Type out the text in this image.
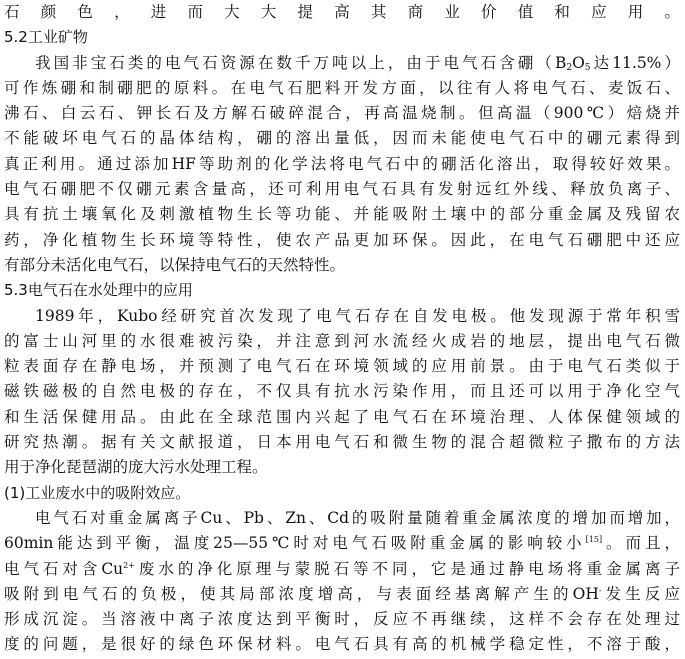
石颜色，进而大大提高其商业价值和应用。
5.2工业矿物
我国非宝石类的电气石资源在数千万吨以上，由于电气石含硼（$B_2O_5$达11.5%）
可作炼硼和制硼肥的原料。在电气石肥料开发方面，以往有人将电气石、麦饭石、
沸石、白云石、钾长石及方解石破碎混合，再高温烧制。但高温（900℃）焙烧并
不能破坏电气石的晶体结构，硼的溶出量低，因而未能使电气石中的硼元素得到
真正利用。通过添加HF等助剂的化学法将电气石中的硼活化溶出，取得较好效果。
电气石硼肥不仅硼元素含量高，还可利用电气石具有发射远红外线、释放负离子、
具有抗土壤氧化及刺激植物生长等功能、并能吸附土壤中的部分重金属及残留农
药，净化植物生长环境等特性，使农产品更加环保。因此，在电气石硼肥中还应
有部分未活化电气石，以保持电气石的天然特性。
5.3电气石在水处理中的应用
1989年，Kubo经研究首次发现了电气石存在自发电极。他发现源于常年积雪
的富士山河里的水很难被污染，并注意到河水流经火成岩的地层，提出电气石微
粒表面存在静电场，并预测了电气石在环境领域的应用前景。由于电气石类似于
磁铁磁极的自然电极的存在，不仅具有抗水污染作用，而且还可以用于净化空气
和生活保健用品。由此在全球范围内兴起了电气石在环境治理、人体保健领域的
研究热潮。据有关文献报道，日本用电气石和微生物的混合超微粒子撒布的方法
用于净化琵琶湖的庞大污水处理工程。
(1)工业废水中的吸附效应。
电气石对重金属离子Cu、Pb、Zn、Cd的吸附量随着重金属浓度的增加而增加，
60min能达到平衡，温度25—55℃时对电气石吸附重金属的影响较小[15]。而且，
电气石对含$Cu^{2+}$废水的净化原理与蒙脱石等不同，它是通过静电场将重金属离子
吸附到电气石的负极，使其局部浓度增高，与表面经基离解产生的OH-发生反应
形成沉淀。当溶液中离子浓度达到平衡时，反应不再继续，这样不会存在处理过
度的问题，是很好的绿色环保材料。电气石具有高的机械学稳定性，不溶于酸，
